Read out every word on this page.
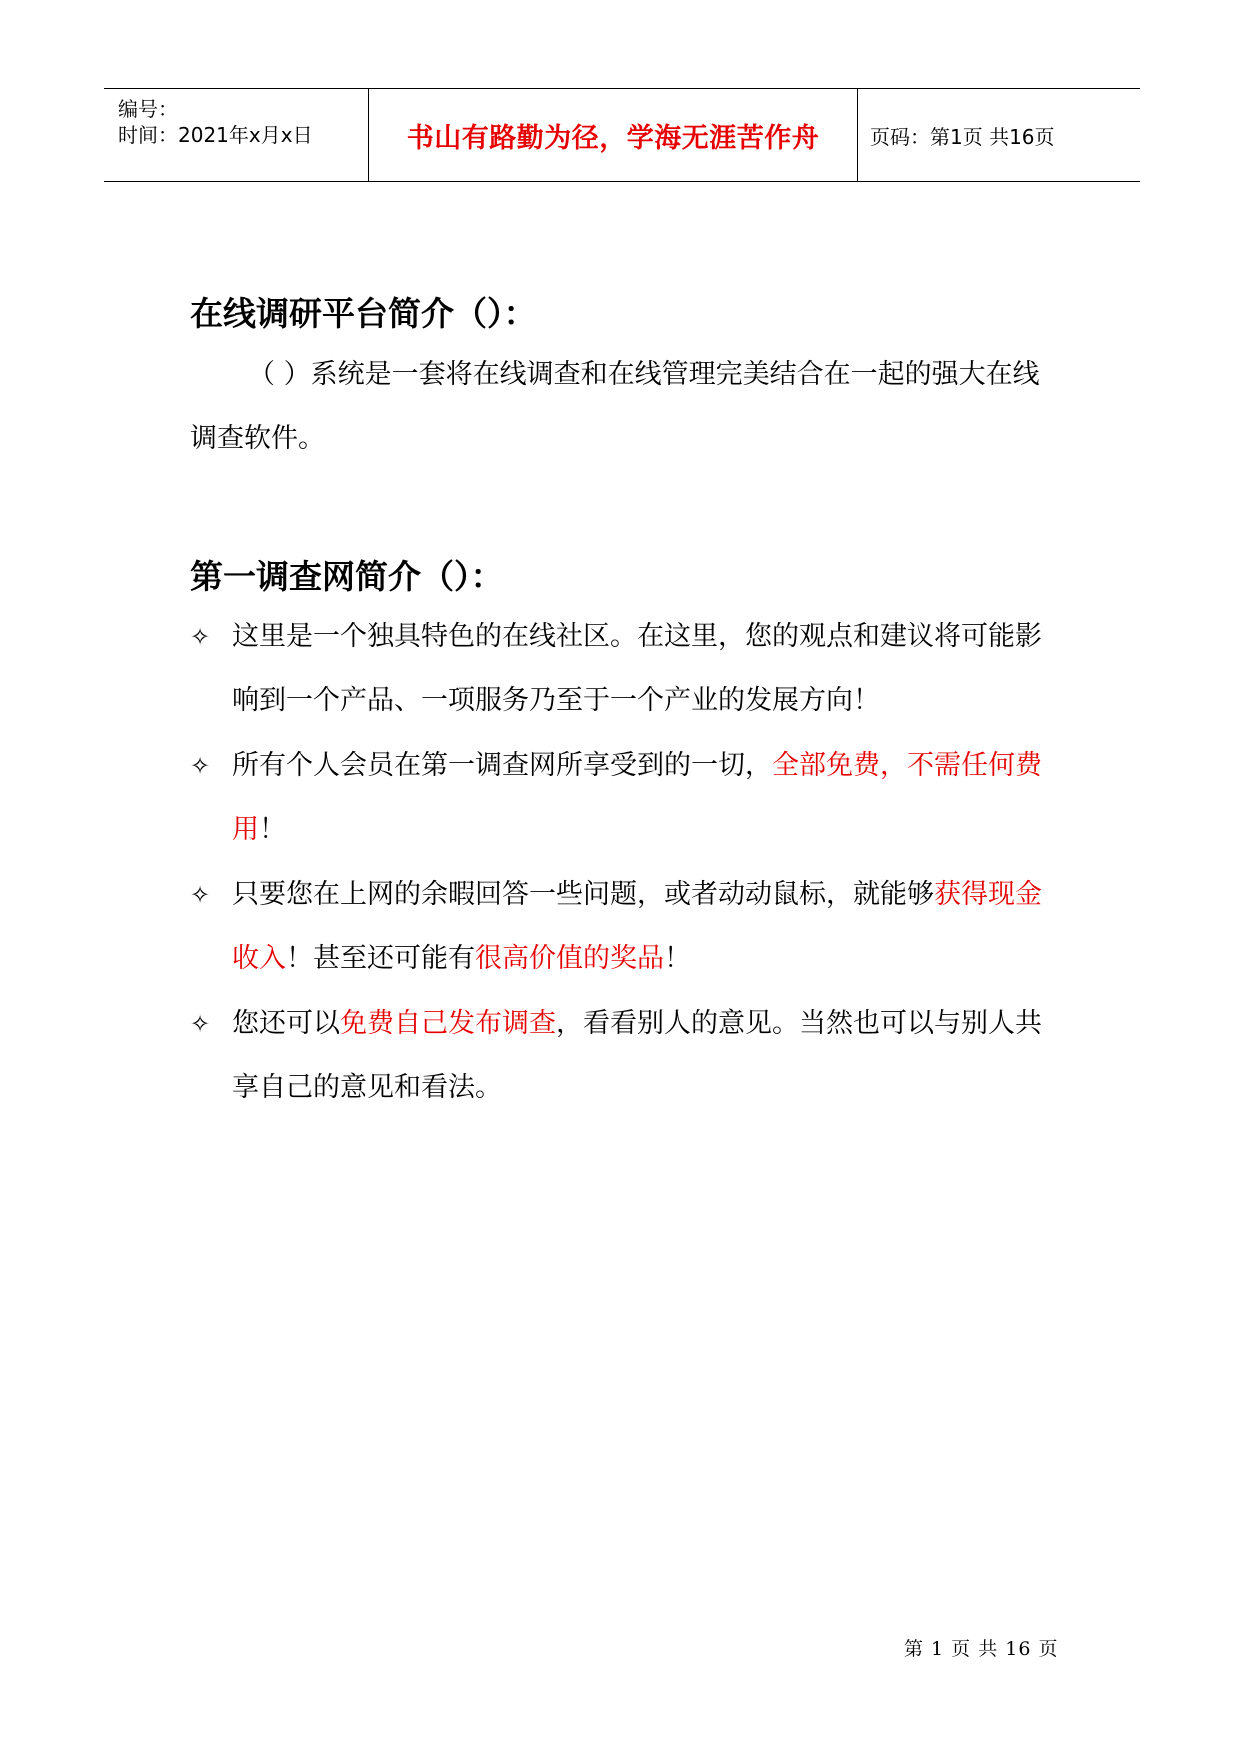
编号：
时间：2021年x月x日	书山有路勤为径，学海无涯苦作舟	页码：第1页 共16页
在线调研平台简介（）：
（ ）系统是一套将在线调查和在线管理完美结合在一起的强大在线调查软件。
第一调查网简介（）：
✧ 这里是一个独具特色的在线社区。在这里，您的观点和建议将可能影响到一个产品、一项服务乃至于一个产业的发展方向！
✧ 所有个人会员在第一调查网所享受到的一切，全部免费，不需任何费用！
✧ 只要您在上网的余暇回答一些问题，或者动动鼠标，就能够获得现金收入！甚至还可能有很高价值的奖品！
✧ 您还可以免费自己发布调查，看看别人的意见。当然也可以与别人共享自己的意见和看法。
第 1 页 共 16 页
